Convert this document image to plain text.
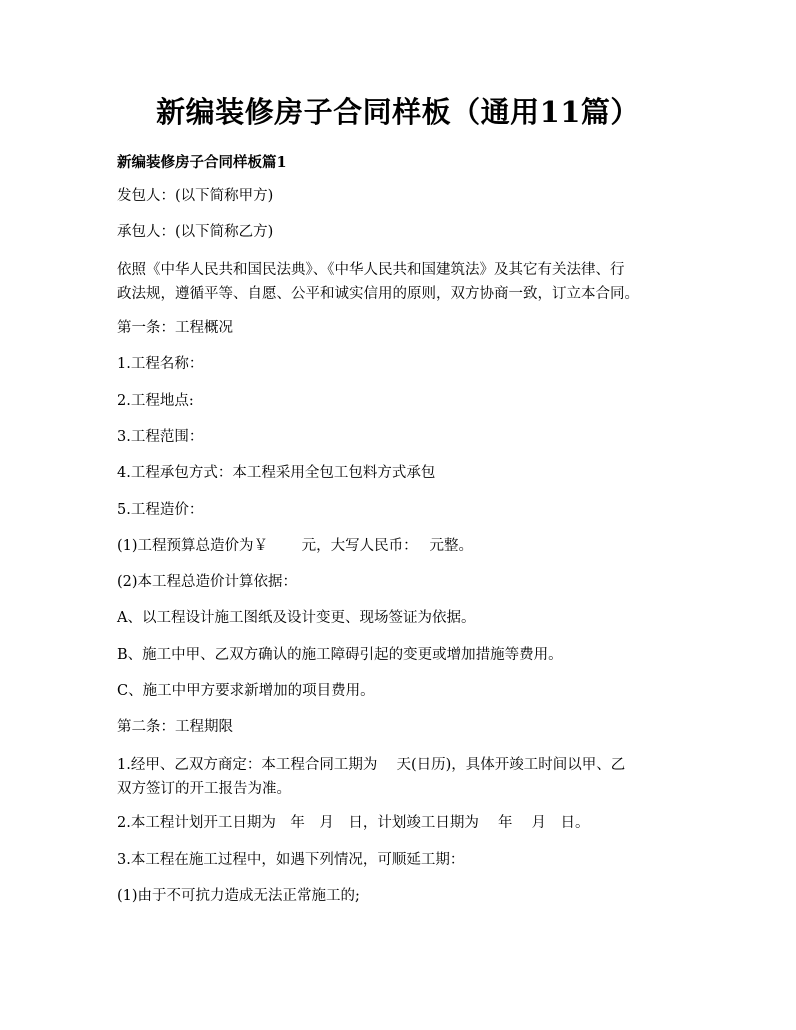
新编装修房子合同样板（通用11篇）
新编装修房子合同样板篇1
发包人：(以下简称甲方)
承包人：(以下简称乙方)
依照《中华人民共和国民法典》、《中华人民共和国建筑法》及其它有关法律、行
政法规，遵循平等、自愿、公平和诚实信用的原则，双方协商一致，订立本合同。
第一条：工程概况
1.工程名称：
2.工程地点:
3.工程范围：
4.工程承包方式：本工程采用全包工包料方式承包
5.工程造价：
(1)工程预算总造价为￥　　 元，大写人民币：　 元整。
(2)本工程总造价计算依据：
A、以工程设计施工图纸及设计变更、现场签证为依据。
B、施工中甲、乙双方确认的施工障碍引起的变更或增加措施等费用。
C、施工中甲方要求新增加的项目费用。
第二条：工程期限
1.经甲、乙双方商定：本工程合同工期为　 天(日历)，具体开竣工时间以甲、乙
双方签订的开工报告为准。
2.本工程计划开工日期为　年　月　日，计划竣工日期为　 年　 月　日。
3.本工程在施工过程中，如遇下列情况，可顺延工期：
(1)由于不可抗力造成无法正常施工的;
